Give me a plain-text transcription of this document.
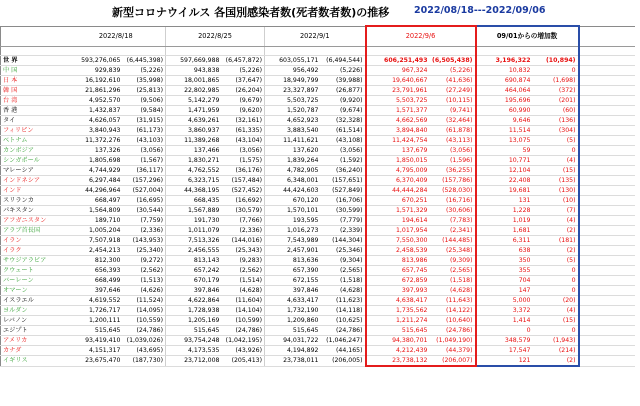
新型コロナウイルス 各国別感染者数(死者数者数)の推移	2022/08/18---2022/09/06
	2022/8/18		2022/8/25		2022/9/1		2022/9/6		09/01からの増加数		

世 界	593,276,065	(6,445,398)	597,669,988	(6,457,872)	603,055,171	(6,494,544)	606,251,493	(6,505,438)	3,196,322	(10,894)	
中 国	929,839	(5,226)	943,838	(5,226)	956,492	(5,226)	967,324	(5,226)	10,832	0	
日 本	16,192,610	(35,998)	18,001,865	(37,647)	18,949,799	(39,988)	19,640,667	(41,636)	690,874	(1,698)	
韓 国	21,861,296	(25,813)	22,802,985	(26,204)	23,327,897	(26,877)	23,791,961	(27,249)	464,064	(372)	
台 湾	4,952,570	(9,506)	5,142,279	(9,679)	5,503,725	(9,920)	5,503,725	(10,115)	195,696	(201)	
香 港	1,432,837	(9,584)	1,471,959	(9,620)	1,520,787	(9,674)	1,571,377	(9,741)	60,990	(60)	
タイ	4,626,057	(31,915)	4,639,261	(32,161)	4,652,923	(32,328)	4,662,569	(32,464)	9,646	(136)	
フィリピン	3,840,943	(61,173)	3,860,937	(61,335)	3,883,540	(61,514)	3,894,840	(61,878)	11,514	(304)	
ベトナム	11,372,276	(43,103)	11,389,268	(43,104)	11,411,621	(43,108)	11,424,754	(43,113)	13,075	(5)	
カンボジア	137,326	(3,056)	137,466	(3,056)	137,620	(3,056)	137,679	(3,056)	59	0	
シンガポール	1,805,698	(1,567)	1,830,271	(1,575)	1,839,264	(1,592)	1,850,015	(1,596)	10,771	(4)	
マレーシア	4,744,929	(36,117)	4,762,552	(36,176)	4,782,905	(36,240)	4,795,009	(36,255)	12,104	(15)	
インドネシア	6,297,484	(157,296)	6,323,715	(157,484)	6,348,001	(157,651)	6,370,409	(157,786)	22,408	(135)	
インド	44,296,964	(527,004)	44,368,195	(527,452)	44,424,603	(527,849)	44,444,284	(528,030)	19,681	(130)	
スリランカ	668,497	(16,695)	668,435	(16,692)	670,120	(16,706)	670,251	(16,716)	131	(10)	
パキスタン	1,564,809	(30,544)	1,567,889	(30,579)	1,570,101	(30,599)	1,571,329	(30,606)	1,228	(7)	
アフガニスタン	189,710	(7,759)	191,730	(7,766)	193,595	(7,779)	194,614	(7,783)	1,019	(4)	
アラブ首長国	1,005,204	(2,336)	1,011,079	(2,336)	1,016,273	(2,339)	1,017,954	(2,341)	1,681	(2)	
イラン	7,507,918	(143,953)	7,513,326	(144,016)	7,543,989	(144,304)	7,550,300	(144,485)	6,311	(181)	
イラク	2,454,213	(25,340)	2,456,555	(25,343)	2,457,901	(25,346)	2,458,539	(25,348)	638	(2)	
サウジアラビア	812,300	(9,272)	813,143	(9,283)	813,636	(9,304)	813,986	(9,309)	350	(5)	
クウェート	656,393	(2,562)	657,242	(2,562)	657,390	(2,565)	657,745	(2,565)	355	0	
バーレーン	668,499	(1,513)	670,179	(1,514)	672,155	(1,518)	672,859	(1,518)	704	0	
オマーン	397,646	(4,626)	397,846	(4,628)	397,846	(4,628)	397,993	(4,628)	147	0	
イスラエル	4,619,552	(11,524)	4,622,864	(11,604)	4,633,417	(11,623)	4,638,417	(11,643)	5,000	(20)	
ヨルダン	1,726,717	(14,095)	1,728,938	(14,104)	1,732,190	(14,118)	1,735,562	(14,122)	3,372	(4)	
レバノン	1,200,111	(10,559)	1,205,169	(10,599)	1,209,860	(10,625)	1,211,274	(10,640)	1,414	(15)	
エジプト	515,645	(24,786)	515,645	(24,786)	515,645	(24,786)	515,645	(24,786)	0	0	
アメリカ	93,419,410	(1,039,026)	93,754,248	(1,042,195)	94,031,722	(1,046,247)	94,380,701	(1,049,190)	348,579	(1,943)	
カナダ	4,151,317	(43,695)	4,173,535	(43,926)	4,194,892	(44,165)	4,212,439	(44,379)	17,547	(214)	
イギリス	23,675,470	(187,730)	23,712,008	(205,413)	23,738,011	(206,005)	23,738,132	(206,007)	121	(2)	
